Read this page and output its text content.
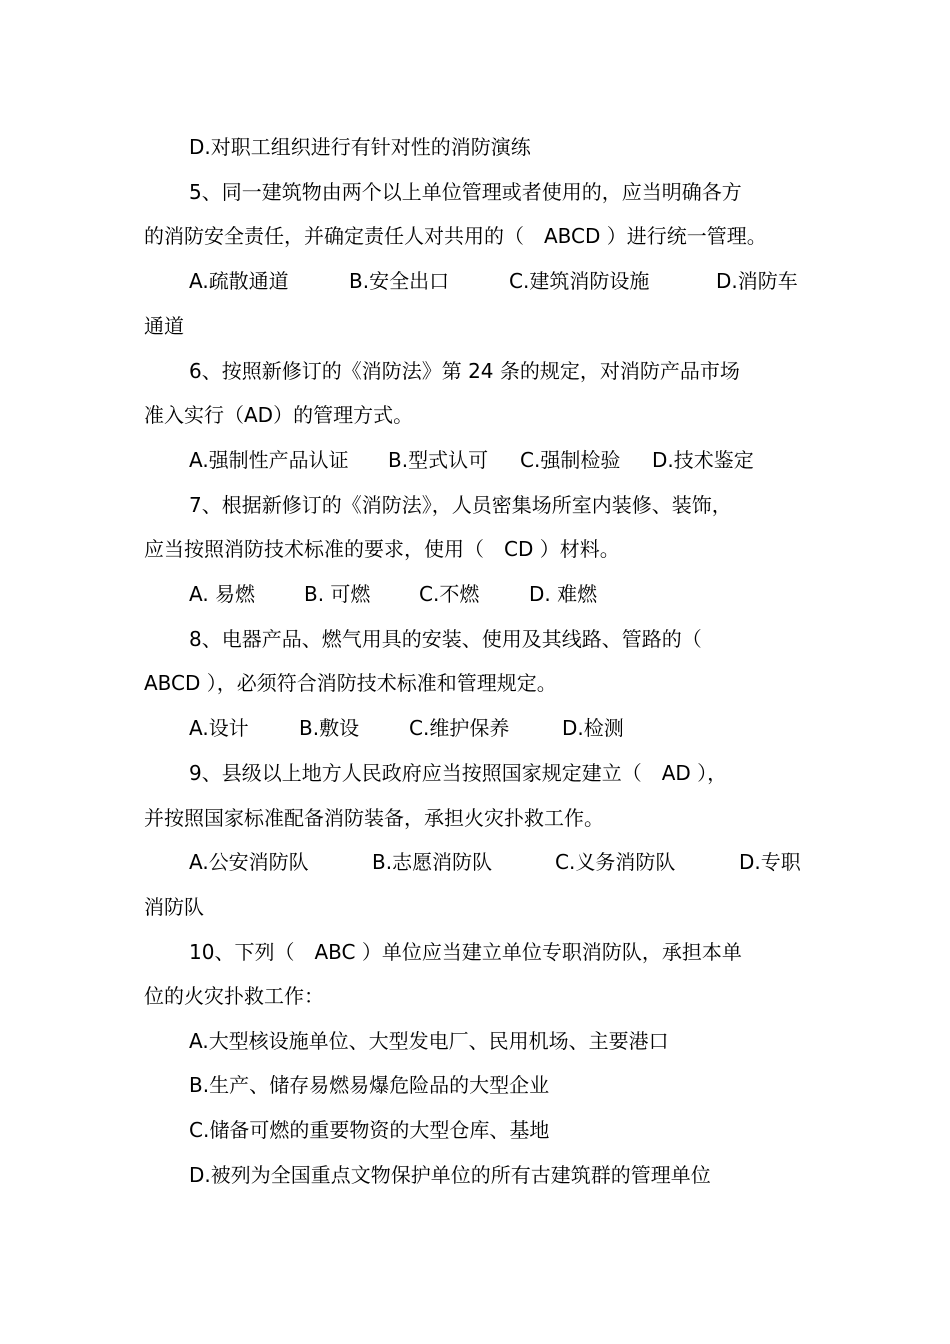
D.对职工组织进行有针对性的消防演练
5、同一建筑物由两个以上单位管理或者使用的，应当明确各方
的消防安全责任，并确定责任人对共用的（　ABCD ）进行统一管理。
A.疏散通道	B.安全出口	C.建筑消防设施	D.消防车
通道
6、按照新修订的《消防法》第 24 条的规定，对消防产品市场
准入实行（AD）的管理方式。
A.强制性产品认证 B.型式认可 C.强制检验 D.技术鉴定
7、根据新修订的《消防法》，人员密集场所室内装修、装饰，
应当按照消防技术标准的要求，使用（　CD ）材料。
A. 易燃 B. 可燃 C.不燃 D. 难燃
8、电器产品、燃气用具的安装、使用及其线路、管路的（
ABCD ），必须符合消防技术标准和管理规定。
A.设计	B.敷设 C.维护保养	D.检测
9、县级以上地方人民政府应当按照国家规定建立（　AD ），
并按照国家标准配备消防装备，承担火灾扑救工作。
A.公安消防队	B.志愿消防队	C.义务消防队	D.专职
消防队
10、下列（　ABC ）单位应当建立单位专职消防队，承担本单
位的火灾扑救工作：
A.大型核设施单位、大型发电厂、民用机场、主要港口
B.生产、储存易燃易爆危险品的大型企业
C.储备可燃的重要物资的大型仓库、基地
D.被列为全国重点文物保护单位的所有古建筑群的管理单位
